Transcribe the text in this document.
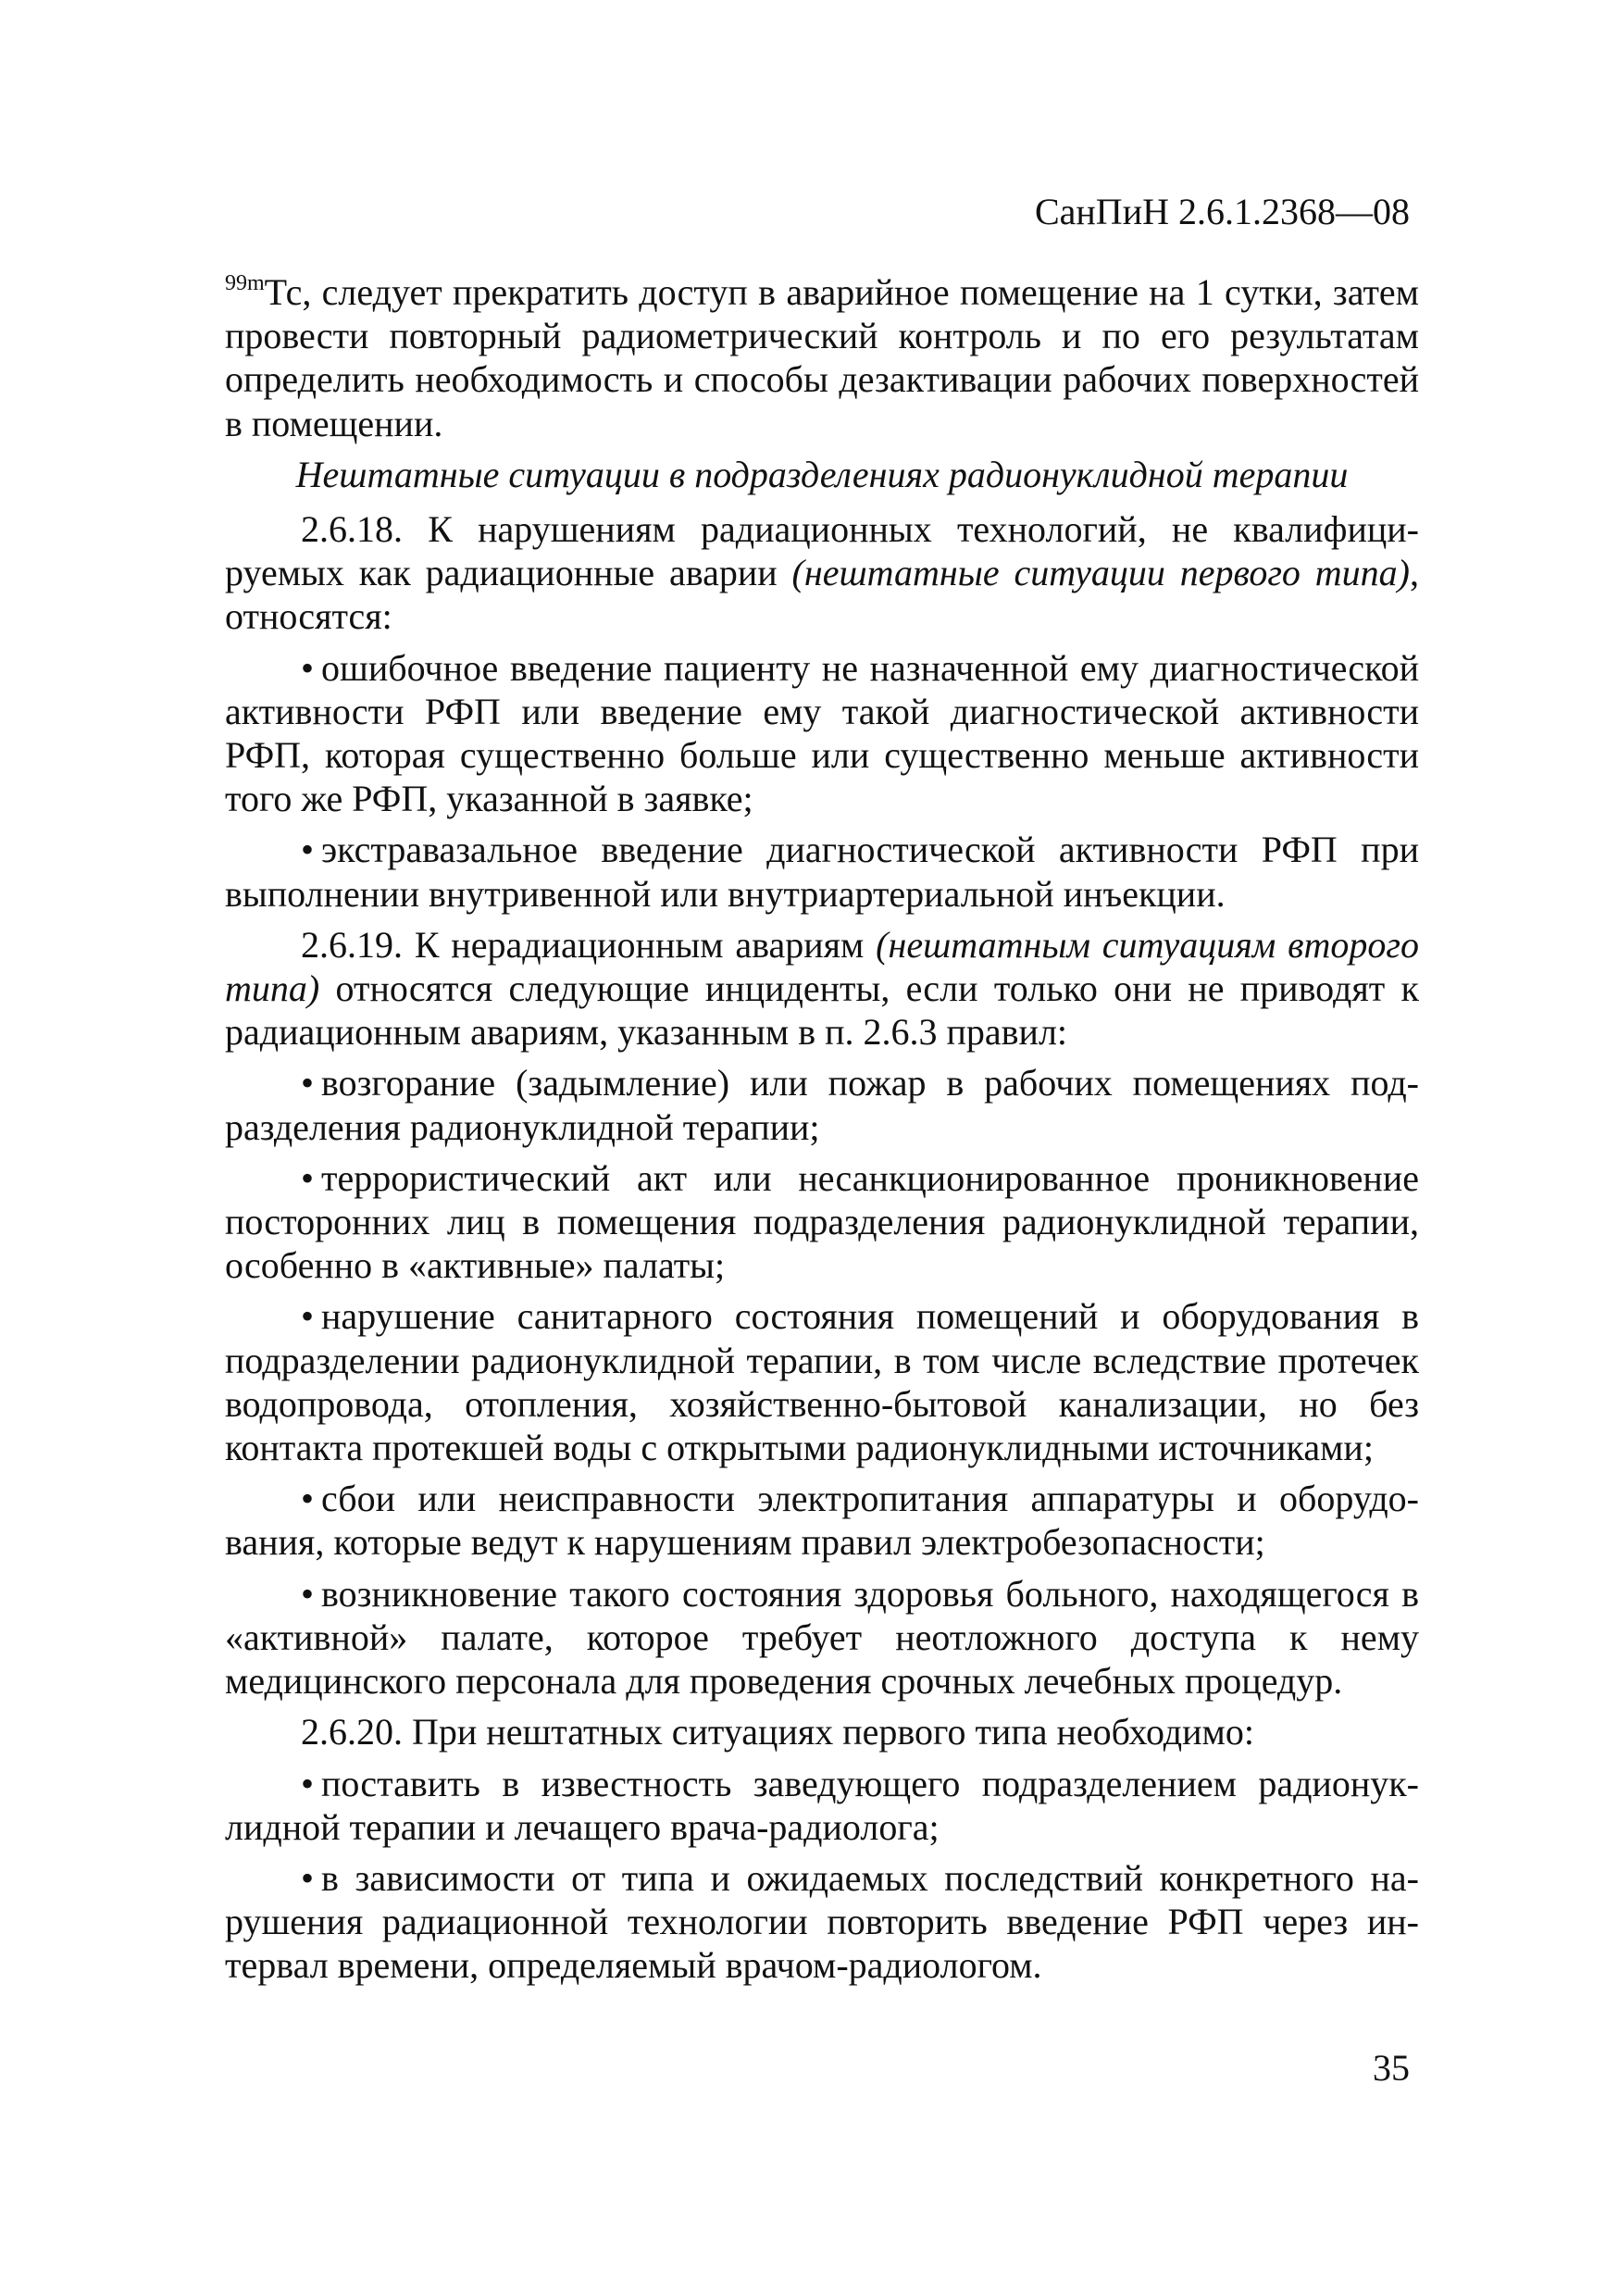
СанПиН 2.6.1.2368—08

$^{99m}$Тс, следует прекратить доступ в аварийное помещение на 1 сутки, затем провести повторный радиометрический контроль и по его результатам определить необходимость и способы дезактивации рабочих поверхностей в помещении.

Нештатные ситуации в подразделениях радионуклидной терапии

2.6.18. К нарушениям радиационных технологий, не квалифицируемых как радиационные аварии (нештатные ситуации первого типа), относятся:

• ошибочное введение пациенту не назначенной ему диагностической активности РФП или введение ему такой диагностической активности РФП, которая существенно больше или существенно меньше активности того же РФП, указанной в заявке;

• экстравазальное введение диагностической активности РФП при выполнении внутривенной или внутриартериальной инъекции.

2.6.19. К нерадиационным авариям (нештатным ситуациям второго типа) относятся следующие инциденты, если только они не приводят к радиационным авариям, указанным в п. 2.6.3 правил:

• возгорание (задымление) или пожар в рабочих помещениях подразделения радионуклидной терапии;

• террористический акт или несанкционированное проникновение посторонних лиц в помещения подразделения радионуклидной терапии, особенно в «активные» палаты;

• нарушение санитарного состояния помещений и оборудования в подразделении радионуклидной терапии, в том числе вследствие протечек водопровода, отопления, хозяйственно-бытовой канализации, но без контакта протекшей воды с открытыми радионуклидными источниками;

• сбои или неисправности электропитания аппаратуры и оборудования, которые ведут к нарушениям правил электробезопасности;

• возникновение такого состояния здоровья больного, находящегося в «активной» палате, которое требует неотложного доступа к нему медицинского персонала для проведения срочных лечебных процедур.

2.6.20. При нештатных ситуациях первого типа необходимо:

• поставить в известность заведующего подразделением радионуклидной терапии и лечащего врача-радиолога;

• в зависимости от типа и ожидаемых последствий конкретного нарушения радиационной технологии повторить введение РФП через интервал времени, определяемый врачом-радиологом.

35
